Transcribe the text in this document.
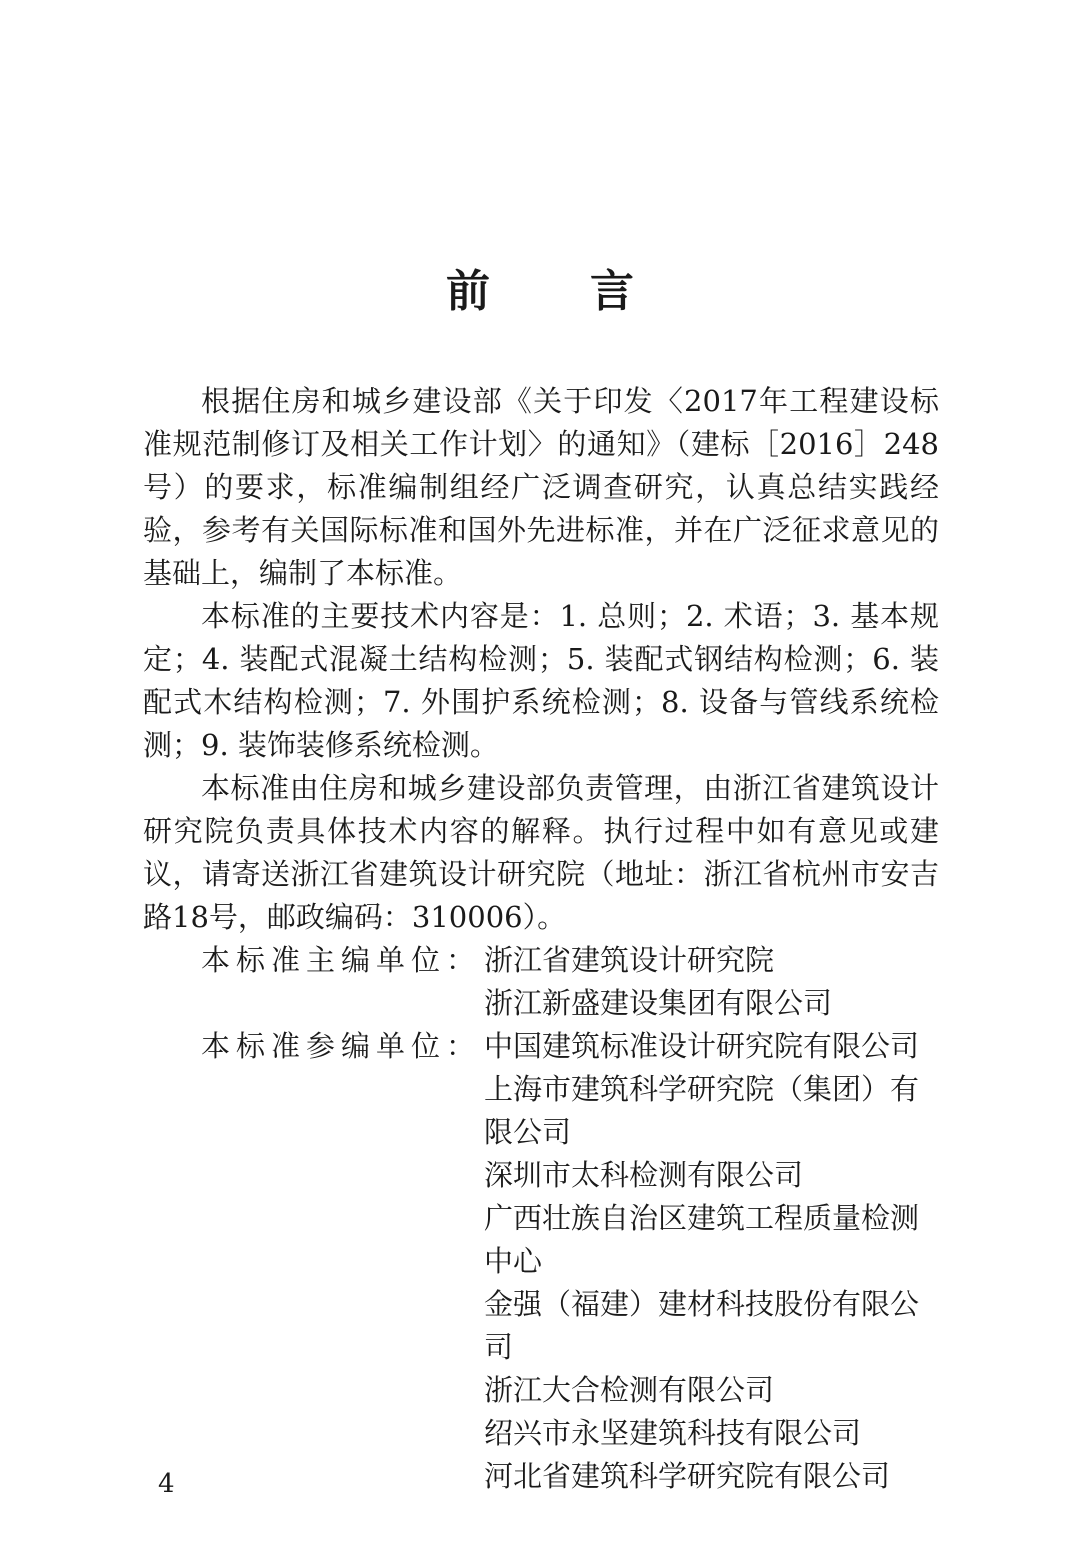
前 言

根据住房和城乡建设部《关于印发〈2017年工程建设标准规范制修订及相关工作计划〉的通知》（建标［2016］248号）的要求，标准编制组经广泛调查研究，认真总结实践经验，参考有关国际标准和国外先进标准，并在广泛征求意见的基础上，编制了本标准。

本标准的主要技术内容是：1. 总则；2. 术语；3. 基本规定；4. 装配式混凝土结构检测；5. 装配式钢结构检测；6. 装配式木结构检测；7. 外围护系统检测；8. 设备与管线系统检测；9. 装饰装修系统检测。

本标准由住房和城乡建设部负责管理，由浙江省建筑设计研究院负责具体技术内容的解释。执行过程中如有意见或建议，请寄送浙江省建筑设计研究院（地址：浙江省杭州市安吉路18号，邮政编码：310006）。

本标准主编单位： 浙江省建筑设计研究院
浙江新盛建设集团有限公司
本标准参编单位： 中国建筑标准设计研究院有限公司
上海市建筑科学研究院（集团）有限公司
深圳市太科检测有限公司
广西壮族自治区建筑工程质量检测中心
金强（福建）建材科技股份有限公司
浙江大合检测有限公司
绍兴市永坚建筑科技有限公司
河北省建筑科学研究院有限公司
4
